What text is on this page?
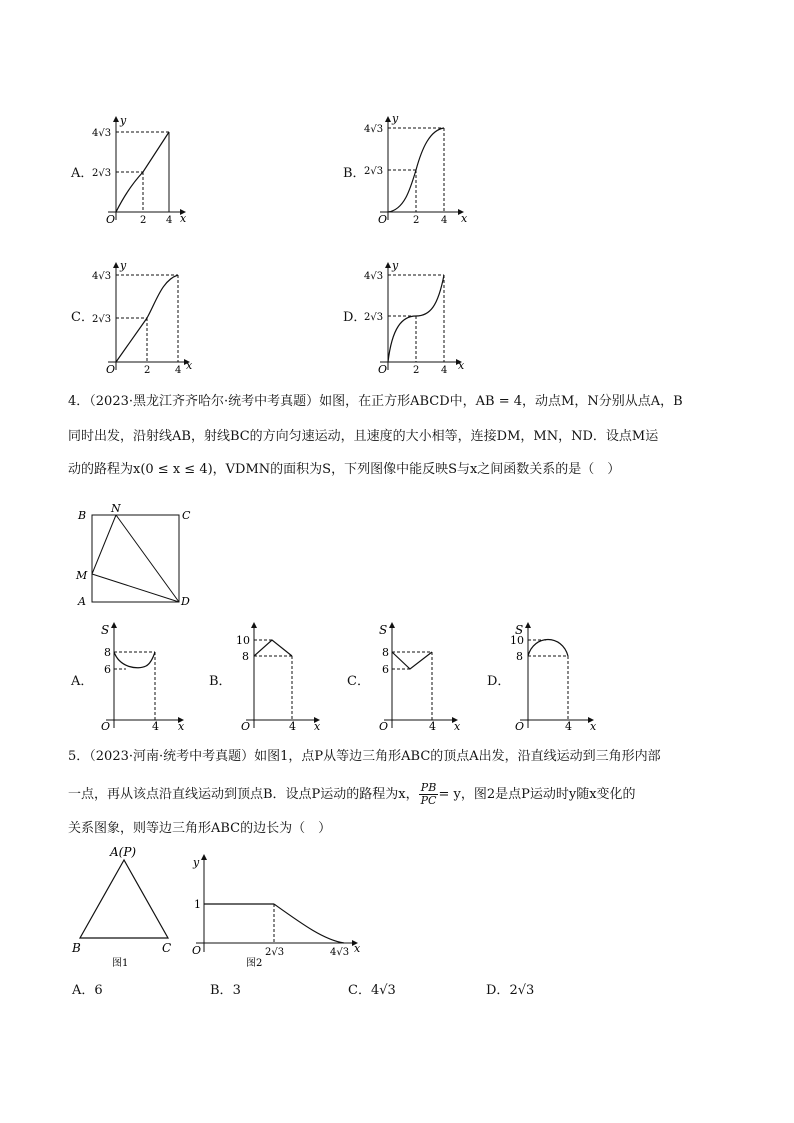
A．
y
4√3
2√3
O 2 4 x
B．
y
4√3
2√3
O	2 4 x
C．
y
4√3
2√3
O	2 4 x
D．
y
4√3
2√3
O	2 4 x
4．（2023·黑龙江齐齐哈尔·统考中考真题）如图，在正方形ABCD中，AB = 4，动点M，N分别从点A，B
同时出发，沿射线AB，射线BC的方向匀速运动，且速度的大小相等，连接DM，MN，ND．设点M运
动的路程为x(0 ≤ x ≤ 4)，VDMN的面积为S，下列图像中能反映S与x之间函数关系的是（　）
B
N
C
M
A	D
A．
S
8
6
O	4 x
B．
10
8
O	4 x
C．
S
8
6
O	4 x
D．
S
10
8
O	4 x
5．（2023·河南·统考中考真题）如图1，点P从等边三角形ABC的顶点A出发，沿直线运动到三角形内部
一点，再从该点沿直线运动到顶点B．设点P运动的路程为x， $\frac{PB}{PC} = y$，图2是点P运动时y随x变化的
关系图象，则等边三角形ABC的边长为（　）
A(P)
B	C
图1
y
1
O	2√3	4√3 x
图2
A．6	B．3	C．4√3	D．2√3
